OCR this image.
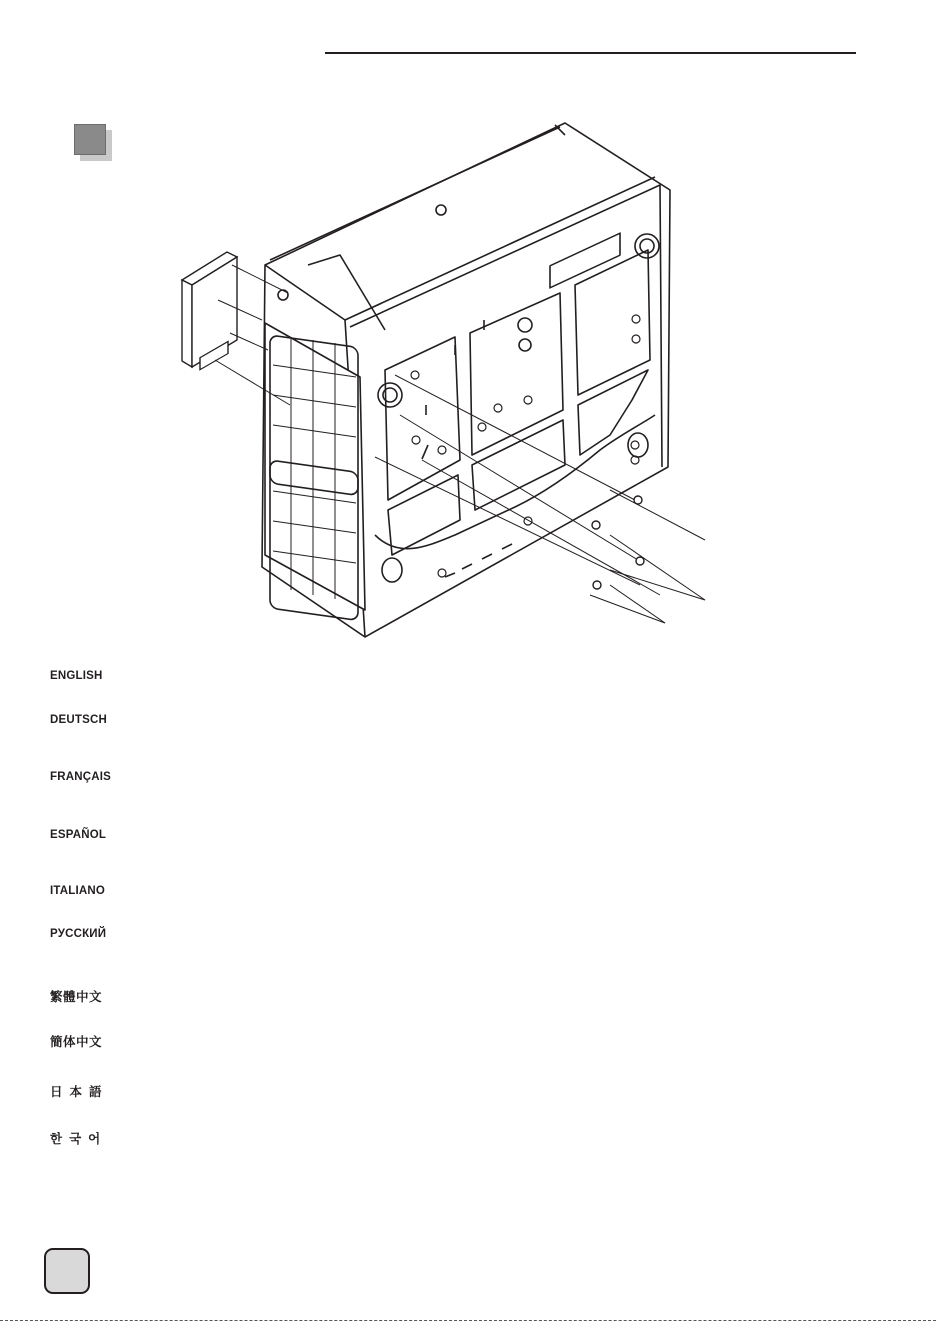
ENGLISH
DEUTSCH
FRANÇAIS
ESPAÑOL
ITALIANO
РУССКИЙ
繁體中文
簡体中文
日本語
한국어
